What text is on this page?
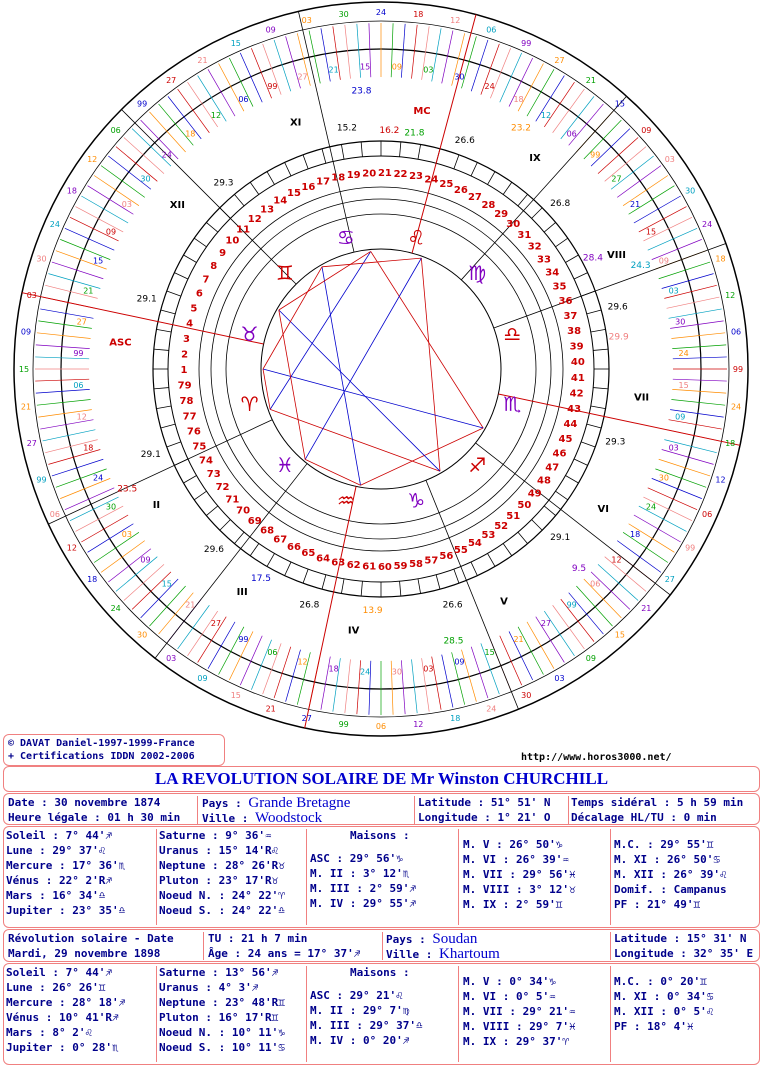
♈
♉
♊
♋	♌
♍
♎
♏
♐
♑
♒
♓
1
2
3
4
5
6
7
8
9
10
11
12
13
14
15
16 17 18 19 20 21 22 23 24 25
26
27
28
29
30
31
32
33
34
35
36
37
38
39
40
41
42
43
44
45
46
47
48
49
50
51
52
53
54
55
56
57
58
59
60
61
62
63
64
65
66
67
68
69
70
71
72
73
74
75
76
77
78
79
99
06
12
18
24
30
03
09
15
21
27
99
06
12
18
24
30
03
09
15
21
27
99
06
12
18
24
30
03
09
15
21
27
99
06
12
18
24
30
03
09
15
21
27
99	06	12
18
24
30
03
09
15
21
27
99
06
12
18
24
24
30
03
09
15
21
27
99
06
12
18
24
30
03
09
15
21
27
99
06
12
18
24
30
03
09
15
21
27
99
06
12
18
24
30
03
09
15
21
27
99
06
12
18	24	30	03
09
15
21
27
99
06
12
18
24
30
03
09
15
ASC
II
III
IV
V
VI
VII
VIII
IX
MC
XI
XII
29.1
29.1
29.6
26.8	26.6
29.1
29.3
29.6
26.8
26.6
15.2
29.3
16.2
23.8
21.8	23.2
28.4
24.3
29.9
23.5
17.5
28.5
13.9
9.5
© DAVAT Daniel-1997-1999-France
+ Certifications IDDN 2002-2006	http://www.horos3000.net/
LA REVOLUTION SOLAIRE DE Mr Winston CHURCHILL
Date : 30 novembre 1874
Heure légale : 01 h 30 min
Pays : Grande Bretagne
Ville : Woodstock
Latitude : 51° 51' N
Longitude : 1° 21' O
Temps sidéral : 5 h 59 min
Décalage HL/TU : 0 min
Soleil : 7° 44'♐
Lune : 29° 37'♌
Mercure : 17° 36'♏
Vénus : 22° 2'R♐
Mars : 16° 34'♎
Jupiter : 23° 35'♎
Saturne : 9° 36'♒
Uranus : 15° 14'R♌
Neptune : 28° 26'R♉
Pluton : 23° 17'R♉
Noeud N. : 24° 22'♈
Noeud S. : 24° 22'♎
Maisons :
ASC : 29° 56'♑
M. II : 3° 12'♏
M. III : 2° 59'♐
M. IV : 29° 55'♐
M. V : 26° 50'♑
M. VI : 26° 39'♒
M. VII : 29° 56'♓
M. VIII : 3° 12'♉
M. IX : 2° 59'♊
M.C. : 29° 55'♊
M. XI : 26° 50'♋
M. XII : 26° 39'♌
Domif. : Campanus
PF : 21° 49'♊
Révolution solaire - Date
Mardi, 29 novembre 1898
TU : 21 h 7 min
Âge : 24 ans = 17° 37'♐
Pays : Soudan
Ville : Khartoum
Latitude : 15° 31' N
Longitude : 32° 35' E
Soleil : 7° 44'♐
Lune : 26° 26'♊
Mercure : 28° 18'♐
Vénus : 10° 41'R♐
Mars : 8° 2'♌
Jupiter : 0° 28'♏
Saturne : 13° 56'♐
Uranus : 4° 3'♐
Neptune : 23° 48'R♊
Pluton : 16° 17'R♊
Noeud N. : 10° 11'♑
Noeud S. : 10° 11'♋
Maisons :
ASC : 29° 21'♌
M. II : 29° 7'♍
M. III : 29° 37'♎
M. IV : 0° 20'♐
M. V : 0° 34'♑
M. VI : 0° 5'♒
M. VII : 29° 21'♒
M. VIII : 29° 7'♓
M. IX : 29° 37'♈
M.C. : 0° 20'♊
M. XI : 0° 34'♋
M. XII : 0° 5'♌
PF : 18° 4'♓
